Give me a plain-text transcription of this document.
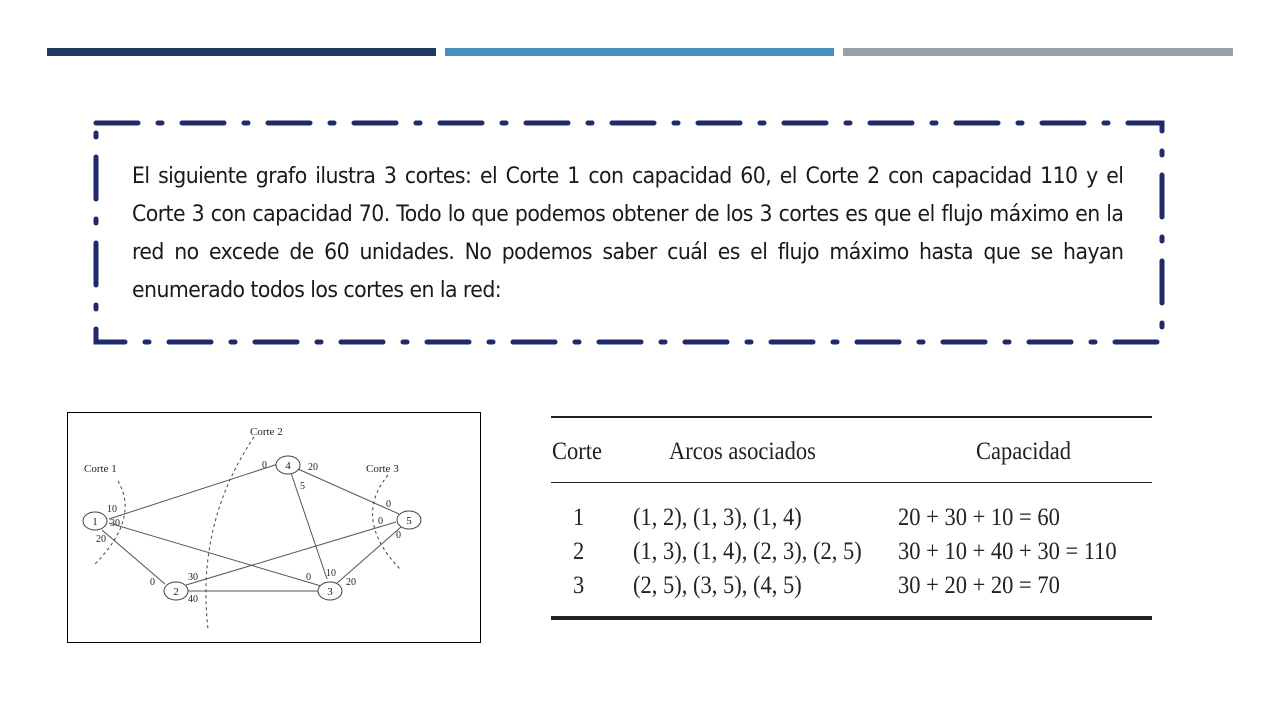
El siguiente grafo ilustra 3 cortes: el Corte 1 con capacidad 60, el Corte 2 con capacidad 110 y el Corte 3 con capacidad 70. Todo lo que podemos obtener de los 3 cortes es que el flujo máximo en la red no excede de 60 unidades. No podemos saber cuál es el flujo máximo hasta que se hayan enumerado todos los cortes en la red:
1
2	3
4
5
Corte 1
Corte 2
Corte 3
10
30
20
0	20
5
0
0
0
30
40
0
10
20
0
Corte	Arcos asociados	Capacidad
1 (1, 2), (1, 3), (1, 4)	20 + 30 + 10 = 60
2 (1, 3), (1, 4), (2, 3), (2, 5) 30 + 10 + 40 + 30 = 110
3 (2, 5), (3, 5), (4, 5)	30 + 20 + 20 = 70
